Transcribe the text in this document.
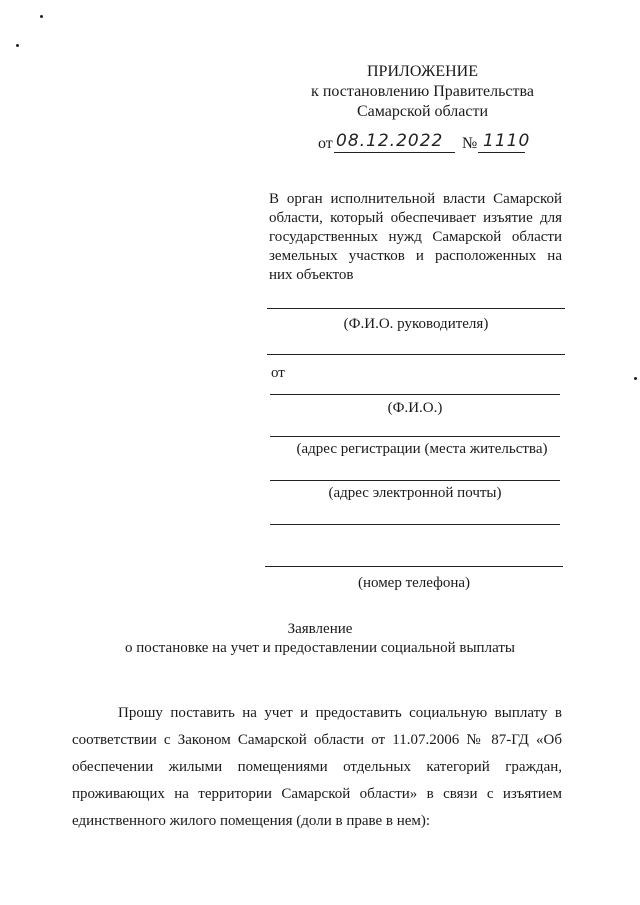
ПРИЛОЖЕНИЕ
к постановлению Правительства
Самарской области
от 08.12.2022 № 1110
В орган исполнительной власти Самарской
области, который обеспечивает изъятие для
государственных нужд Самарской области
земельных участков и расположенных на
них объектов
(Ф.И.О. руководителя)
от
(Ф.И.О.)
(адрес регистрации (места жительства)
(адрес электронной почты)
(номер телефона)
Заявление
о постановке на учет и предоставлении социальной выплаты
Прошу поставить на учет и предоставить социальную выплату в
соответствии с Законом Самарской области от 11.07.2006 № 87-ГД «Об
обеспечении жилыми помещениями отдельных категорий граждан,
проживающих на территории Самарской области» в связи с изъятием
единственного жилого помещения (доли в праве в нем):
